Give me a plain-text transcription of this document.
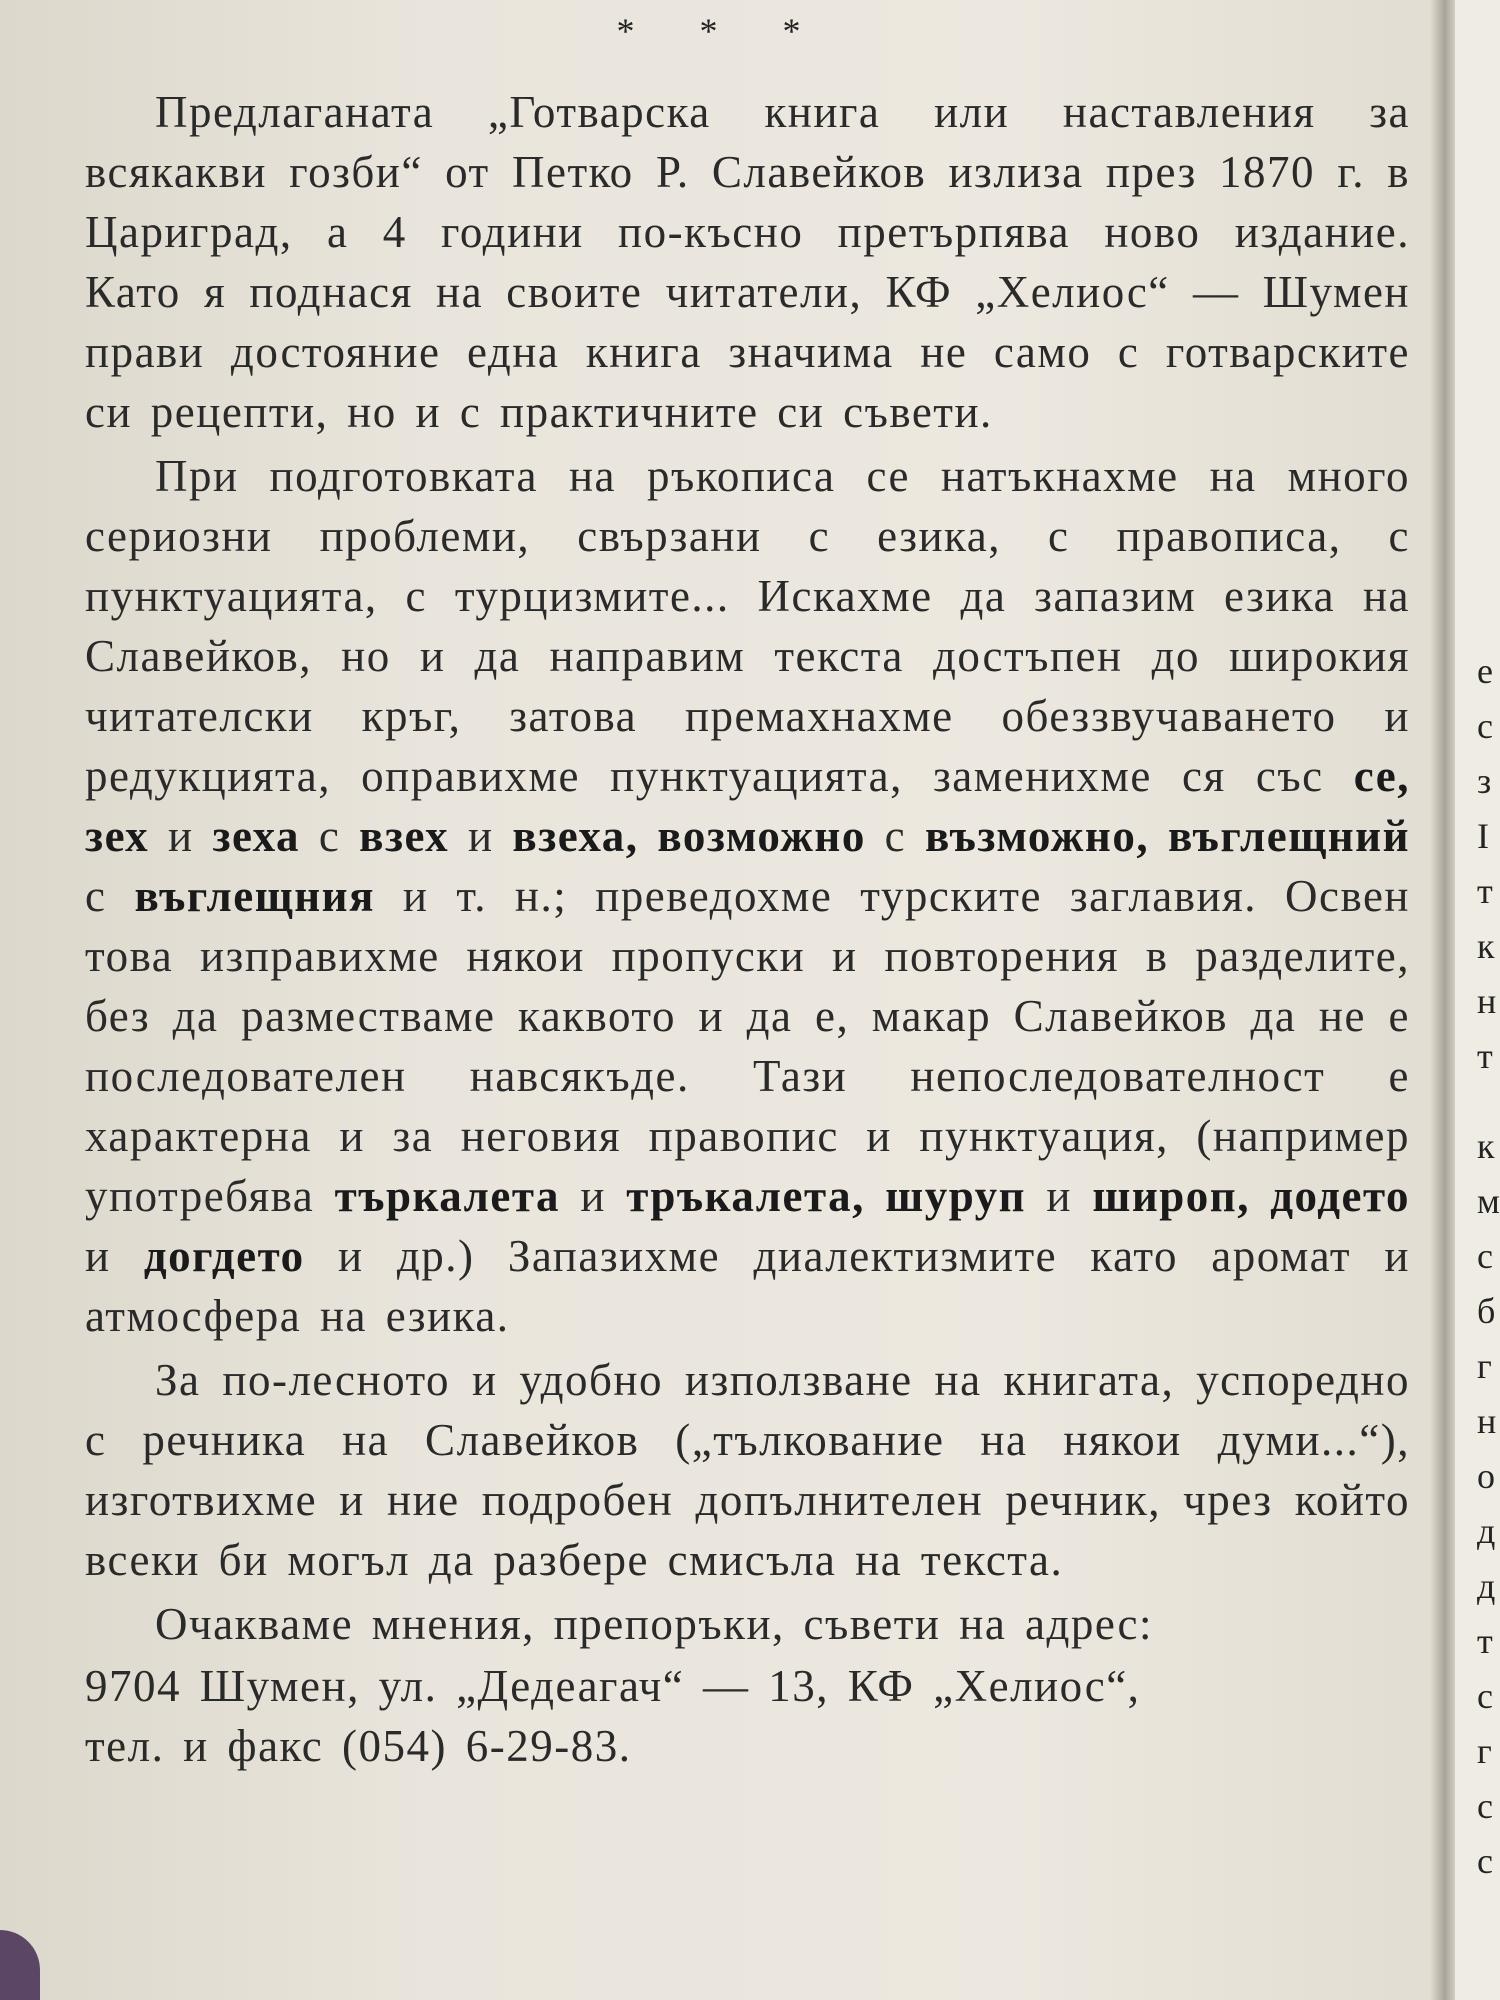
* * *

Предлаганата „Готварска книга или наставления за всякакви гозби“ от Петко Р. Славейков излиза през 1870 г. в Цариград, а 4 години по-късно претърпява ново издание. Като я поднася на своите читатели, КФ „Хелиос“ — Шумен прави достояние една книга значима не само с готварските си рецепти, но и с практичните си съвети.

При подготовката на ръкописа се натъкнахме на много сериозни проблеми, свързани с езика, с правописа, с пунктуацията, с турцизмите... Искахме да запазим езика на Славейков, но и да направим текста достъпен до широкия читателски кръг, затова премахнахме обеззвучаването и редукцията, оправихме пунктуацията, заменихме ся със се, зех и зеха с взех и взеха, возможно с възможно, въглещний с въглещния и т. н.; преведохме турските заглавия. Освен това изправихме някои пропуски и повторения в разделите, без да разместваме каквото и да е, макар Славейков да не е последователен навсякъде. Тази непоследователност е характерна и за неговия правопис и пунктуация, (например употребява търкалета и тръкалета, шуруп и широп, додето и догдето и др.) Запазихме диалектизмите като аромат и атмосфера на езика.

За по-лесното и удобно използване на книгата, успоредно с речника на Славейков („тълкование на някои думи...“), изготвихме и ние подробен допълнителен речник, чрез който всеки би могъл да разбере смисъла на текста.

Очакваме мнения, препоръки, съвети на адрес:

9704 Шумен, ул. „Дедеагач“ — 13, КФ „Хелиос“,
тел. и факс (054) 6-29-83.
е
с
з
I
т
к
н
т
к
м
с
б
г
н
о
д
д
т
с
г
с
с
